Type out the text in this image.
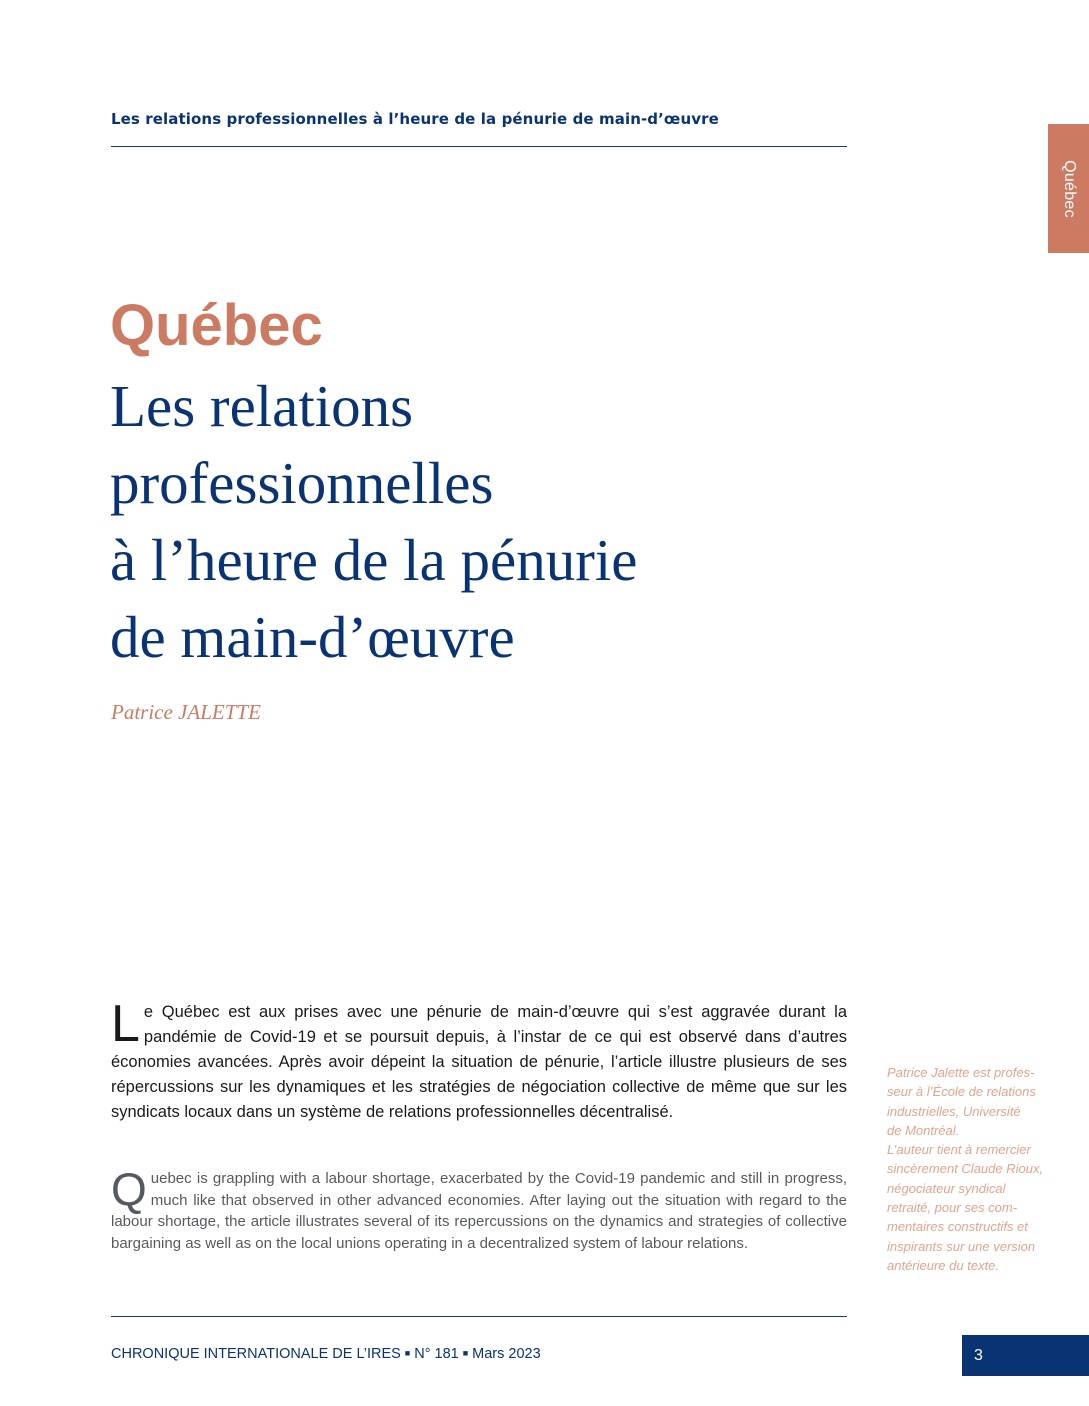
Les relations professionnelles à l’heure de la pénurie de main-d’œuvre
Québec
Québec
Les relations
professionnelles
à l’heure de la pénurie
de main-d’œuvre
Patrice JALETTE

Le Québec est aux prises avec une pénurie de main-d’œuvre qui s’est aggravée durant la pandémie de Covid-19 et se poursuit depuis, à l’instar de ce qui est observé dans d’autres économies avancées. Après avoir dépeint la situation de pénurie, l’article illustre plusieurs de ses répercussions sur les dynamiques et les stratégies de négociation collective de même que sur les syndicats locaux dans un système de relations professionnelles décentralisé.

Quebec is grappling with a labour shortage, exacerbated by the Covid-19 pandemic and still in progress, much like that observed in other advanced economies. After laying out the situation with regard to the labour shortage, the article illustrates several of its repercussions on the dynamics and strategies of collective bargaining as well as on the local unions operating in a decentralized system of labour relations.

Patrice Jalette est profes-
seur à l’École de relations
industrielles, Université
de Montréal.
L’auteur tient à remercier
sincèrement Claude Rioux,
négociateur syndical
retraité, pour ses com-
mentaires constructifs et
inspirants sur une version
antérieure du texte.
CHRONIQUE INTERNATIONALE DE L’IRES ■ N° 181 ■ Mars 2023	3
